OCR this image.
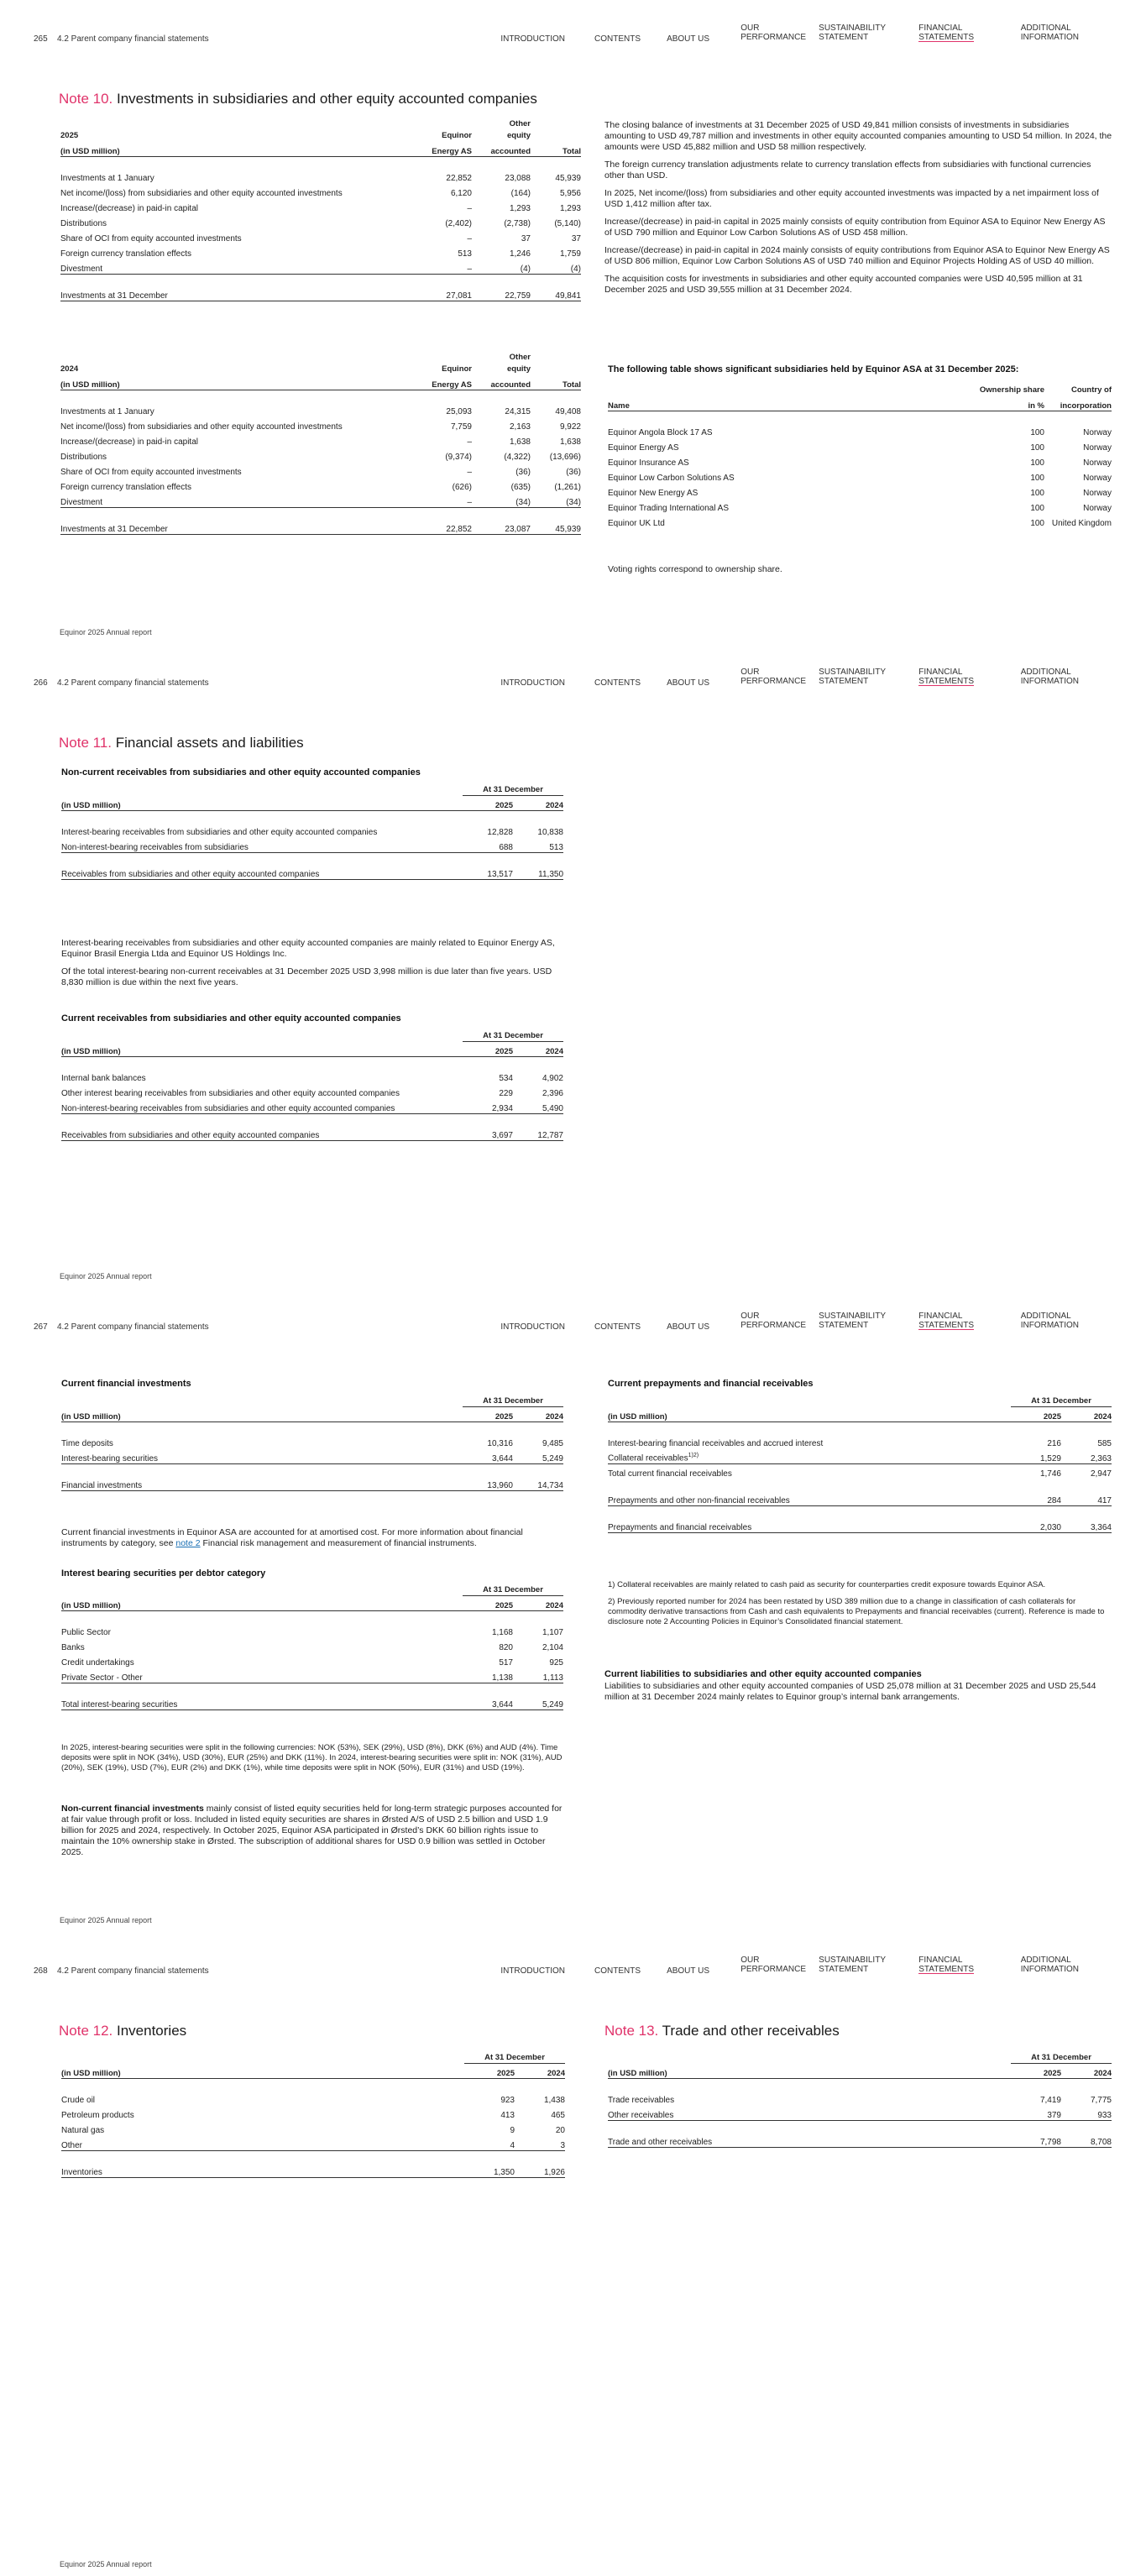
265 4.2 Parent company financial statements	INTRODUCTION	CONTENTS	ABOUT US
OUR
PERFORMANCE
SUSTAINABILITY
STATEMENT
FINANCIAL
STATEMENTS
ADDITIONAL
INFORMATION
Note 10. Investments in subsidiaries and other equity accounted companies
		Other	
2025	Equinor	equity	
(in USD million)	Energy AS	accounted	Total

Investments at 1 January	22,852	23,088	45,939
Net income/(loss) from subsidiaries and other equity accounted investments	6,120	(164)	5,956
Increase/(decrease) in paid-in capital	–	1,293	1,293
Distributions	(2,402)	(2,738)	(5,140)
Share of OCI from equity accounted investments	–	37	37
Foreign currency translation effects	513	1,246	1,759
Divestment	–	(4)	(4)

Investments at 31 December	27,081	22,759	49,841
		Other	
2024	Equinor	equity	
(in USD million)	Energy AS	accounted	Total

Investments at 1 January	25,093	24,315	49,408
Net income/(loss) from subsidiaries and other equity accounted investments	7,759	2,163	9,922
Increase/(decrease) in paid-in capital	–	1,638	1,638
Distributions	(9,374)	(4,322)	(13,696)
Share of OCI from equity accounted investments	–	(36)	(36)
Foreign currency translation effects	(626)	(635)	(1,261)
Divestment	–	(34)	(34)

Investments at 31 December	22,852	23,087	45,939

The closing balance of investments at 31 December 2025 of USD 49,841 million consists of investments in subsidiaries amounting to USD 49,787 million and investments in other equity accounted companies amounting to USD 54 million. In 2024, the amounts were USD 45,882 million and USD 58 million respectively.

The foreign currency translation adjustments relate to currency translation effects from subsidiaries with functional currencies other than USD.

In 2025, Net income/(loss) from subsidiaries and other equity accounted investments was impacted by a net impairment loss of USD 1,412 million after tax.

Increase/(decrease) in paid-in capital in 2025 mainly consists of equity contribution from Equinor ASA to Equinor New Energy AS of USD 790 million and Equinor Low Carbon Solutions AS of USD 458 million.

Increase/(decrease) in paid-in capital in 2024 mainly consists of equity contributions from Equinor ASA to Equinor New Energy AS of USD 806 million, Equinor Low Carbon Solutions AS of USD 740 million and Equinor Projects Holding AS of USD 40 million.

The acquisition costs for investments in subsidiaries and other equity accounted companies were USD 40,595 million at 31 December 2025 and USD 39,555 million at 31 December 2024.

The following table shows significant subsidiaries held by Equinor ASA at 31 December 2025:
	Ownership share	Country of
Name	in %	incorporation

Equinor Angola Block 17 AS	100	Norway
Equinor Energy AS	100	Norway
Equinor Insurance AS	100	Norway
Equinor Low Carbon Solutions AS	100	Norway
Equinor New Energy AS	100	Norway
Equinor Trading International AS	100	Norway
Equinor UK Ltd	100	United Kingdom
Voting rights correspond to ownership share.
Equinor 2025 Annual report
266 4.2 Parent company financial statements	INTRODUCTION	CONTENTS	ABOUT US
OUR
PERFORMANCE
SUSTAINABILITY
STATEMENT
FINANCIAL
STATEMENTS
ADDITIONAL
INFORMATION
Note 11. Financial assets and liabilities
Non-current receivables from subsidiaries and other equity accounted companies
	At 31 December	
(in USD million)	2025	2024

Interest-bearing receivables from subsidiaries and other equity accounted companies	12,828	10,838
Non-interest-bearing receivables from subsidiaries	688	513

Receivables from subsidiaries and other equity accounted companies	13,517	11,350

Interest-bearing receivables from subsidiaries and other equity accounted companies are mainly related to Equinor Energy AS, Equinor Brasil Energia Ltda and Equinor US Holdings Inc.

Of the total interest-bearing non-current receivables at 31 December 2025 USD 3,998 million is due later than five years. USD 8,830 million is due within the next five years.

Current receivables from subsidiaries and other equity accounted companies
	At 31 December	
(in USD million)	2025	2024

Internal bank balances	534	4,902
Other interest bearing receivables from subsidiaries and other equity accounted companies	229	2,396
Non-interest-bearing receivables from subsidiaries and other equity accounted companies	2,934	5,490

Receivables from subsidiaries and other equity accounted companies	3,697	12,787
Equinor 2025 Annual report
267 4.2 Parent company financial statements	INTRODUCTION	CONTENTS	ABOUT US
OUR
PERFORMANCE
SUSTAINABILITY
STATEMENT
FINANCIAL
STATEMENTS
ADDITIONAL
INFORMATION
Current financial investments
	At 31 December	
(in USD million)	2025	2024

Time deposits	10,316	9,485
Interest-bearing securities	3,644	5,249

Financial investments	13,960	14,734

Current financial investments in Equinor ASA are accounted for at amortised cost. For more information about financial instruments by category, see note 2 Financial risk management and measurement of financial instruments.

Interest bearing securities per debtor category
	At 31 December	
(in USD million)	2025	2024

Public Sector	1,168	1,107
Banks	820	2,104
Credit undertakings	517	925
Private Sector - Other	1,138	1,113

Total interest-bearing securities	3,644	5,249
In 2025, interest-bearing securities were split in the following currencies: NOK (53%), SEK (29%), USD (8%), DKK (6%) and AUD (4%). Time deposits were split in NOK (34%), USD (30%), EUR (25%) and DKK (11%). In 2024, interest-bearing securities were split in: NOK (31%), AUD (20%), SEK (19%), USD (7%), EUR (2%) and DKK (1%), while time deposits were split in NOK (50%), EUR (31%) and USD (19%).

Non-current financial investments mainly consist of listed equity securities held for long-term strategic purposes accounted for at fair value through profit or loss. Included in listed equity securities are shares in Ørsted A/S of USD 2.5 billion and USD 1.9 billion for 2025 and 2024, respectively. In October 2025, Equinor ASA participated in Ørsted’s DKK 60 billion rights issue to maintain the 10% ownership stake in Ørsted. The subscription of additional shares for USD 0.9 billion was settled in October 2025.

Current prepayments and financial receivables
	At 31 December	
(in USD million)	2025	2024

Interest-bearing financial receivables and accrued interest	216	585
Collateral receivables$^{1)2)}$	1,529	2,363
Total current financial receivables	1,746	2,947

Prepayments and other non-financial receivables	284	417

Prepayments and financial receivables	2,030	3,364

1) Collateral receivables are mainly related to cash paid as security for counterparties credit exposure towards Equinor ASA.

2) Previously reported number for 2024 has been restated by USD 389 million due to a change in classification of cash collaterals for commodity derivative transactions from Cash and cash equivalents to Prepayments and financial receivables (current). Reference is made to disclosure note 2 Accounting Policies in Equinor’s Consolidated financial statement.

Current liabilities to subsidiaries and other equity accounted companies
Liabilities to subsidiaries and other equity accounted companies of USD 25,078 million at 31 December 2025 and USD 25,544 million at 31 December 2024 mainly relates to Equinor group’s internal bank arrangements.
Equinor 2025 Annual report
268 4.2 Parent company financial statements	INTRODUCTION	CONTENTS	ABOUT US
OUR
PERFORMANCE
SUSTAINABILITY
STATEMENT
FINANCIAL
STATEMENTS
ADDITIONAL
INFORMATION
Note 12. Inventories
	At 31 December	
(in USD million)	2025	2024

Crude oil	923	1,438
Petroleum products	413	465
Natural gas	9	20
Other	4	3

Inventories	1,350	1,926
Note 13. Trade and other receivables
	At 31 December	
(in USD million)	2025	2024

Trade receivables	7,419	7,775
Other receivables	379	933

Trade and other receivables	7,798	8,708
Equinor 2025 Annual report
